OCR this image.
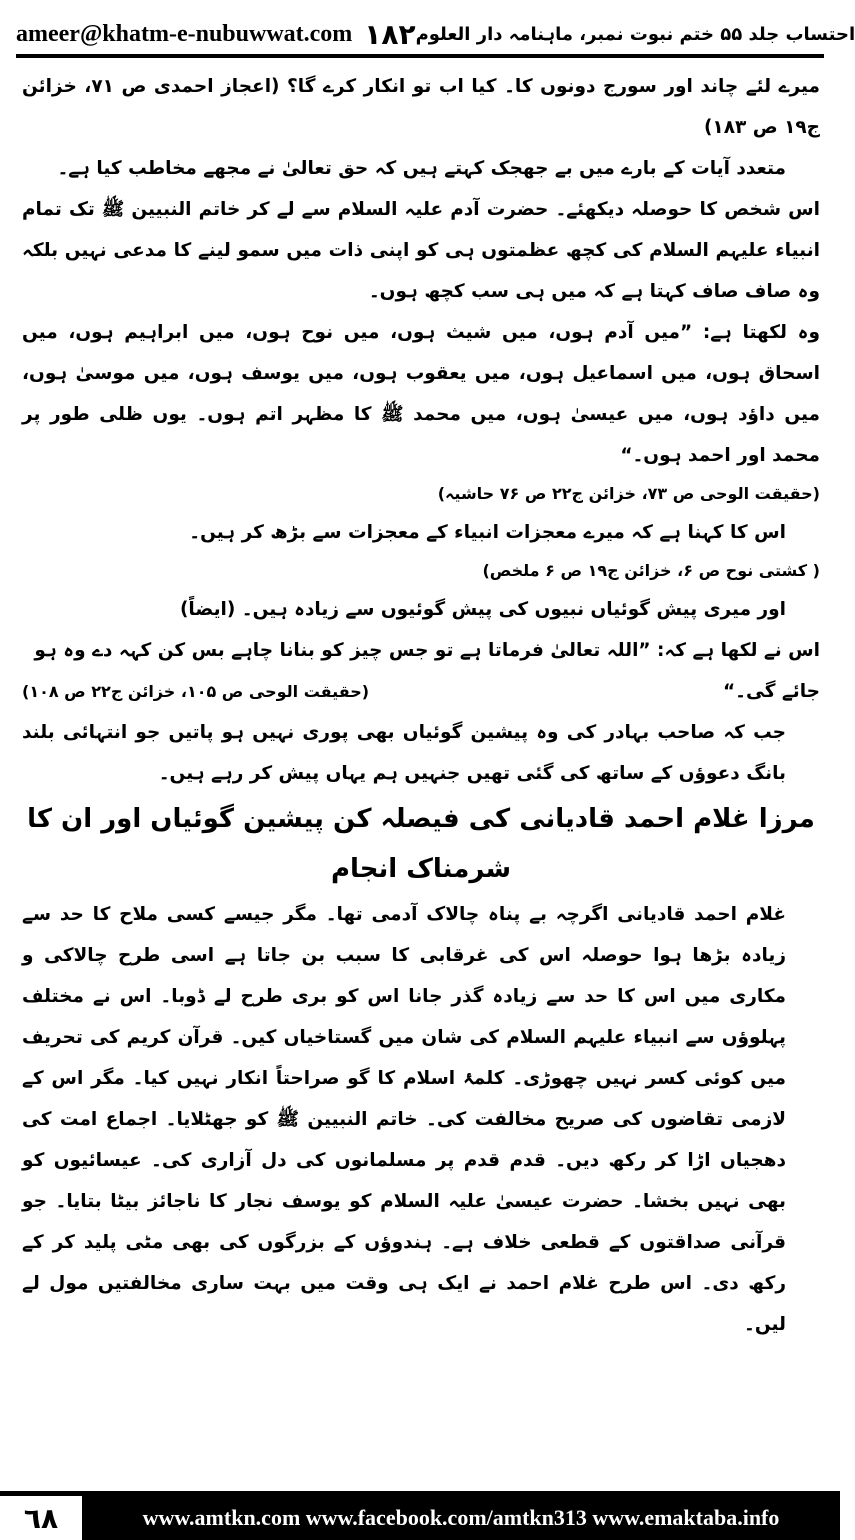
ameer@khatm-e-nubuwwat.com ۱۸۲ احتساب جلد ۵۵ ختم نبوت نمبر، ماہنامہ دار العلوم

میرے لئے چاند اور سورج دونوں کا۔ کیا اب تو انکار کرے گا؟ (اعجاز احمدی ص ۷۱، خزائن ج۱۹ ص ۱۸۳)

متعدد آیات کے بارے میں بے جھجک کہتے ہیں کہ حق تعالیٰ نے مجھے مخاطب کیا ہے۔

اس شخص کا حوصلہ دیکھئے۔ حضرت آدم علیہ السلام سے لے کر خاتم النبیین ﷺ تک تمام انبیاء علیہم السلام کی کچھ عظمتوں ہی کو اپنی ذات میں سمو لینے کا مدعی نہیں بلکہ وہ صاف صاف کہتا ہے کہ میں ہی سب کچھ ہوں۔

وہ لکھتا ہے: ”میں آدم ہوں، میں شیث ہوں، میں نوح ہوں، میں ابراہیم ہوں، میں اسحاق ہوں، میں اسماعیل ہوں، میں یعقوب ہوں، میں یوسف ہوں، میں موسیٰ ہوں، میں داؤد ہوں، میں عیسیٰ ہوں، میں محمد ﷺ کا مظہر اتم ہوں۔ یوں ظلی طور پر محمد اور احمد ہوں۔“

(حقیقت الوحی ص ۷۳، خزائن ج۲۲ ص ۷۶ حاشیہ)

اس کا کہنا ہے کہ میرے معجزات انبیاء کے معجزات سے بڑھ کر ہیں۔

( کشتی نوح ص ۶، خزائن ج۱۹ ص ۶ ملخص)

اور میری پیش گوئیاں نبیوں کی پیش گوئیوں سے زیادہ ہیں۔ (ایضاً)

اس نے لکھا ہے کہ: ”اللہ تعالیٰ فرماتا ہے تو جس چیز کو بنانا چاہے بس کن کہہ دے وہ ہو

جائے گی۔“
(حقیقت الوحی ص ۱۰۵، خزائن ج۲۲ ص ۱۰۸)

جب کہ صاحب بہادر کی وہ پیشین گوئیاں بھی پوری نہیں ہو پاتیں جو انتہائی بلند بانگ دعوؤں کے ساتھ کی گئی تھیں جنہیں ہم یہاں پیش کر رہے ہیں۔

مرزا غلام احمد قادیانی کی فیصلہ کن پیشین گوئیاں اور ان کا شرمناک انجام

غلام احمد قادیانی اگرچہ بے پناہ چالاک آدمی تھا۔ مگر جیسے کسی ملاح کا حد سے زیادہ بڑھا ہوا حوصلہ اس کی غرقابی کا سبب بن جاتا ہے اسی طرح چالاکی و مکاری میں اس کا حد سے زیادہ گذر جانا اس کو بری طرح لے ڈوبا۔ اس نے مختلف پہلوؤں سے انبیاء علیہم السلام کی شان میں گستاخیاں کیں۔ قرآن کریم کی تحریف میں کوئی کسر نہیں چھوڑی۔ کلمۂ اسلام کا گو صراحتاً انکار نہیں کیا۔ مگر اس کے لازمی تقاضوں کی صریح مخالفت کی۔ خاتم النبیین ﷺ کو جھٹلایا۔ اجماع امت کی دھجیاں اڑا کر رکھ دیں۔ قدم قدم پر مسلمانوں کی دل آزاری کی۔ عیسائیوں کو بھی نہیں بخشا۔ حضرت عیسیٰ علیہ السلام کو یوسف نجار کا ناجائز بیٹا بتایا۔ جو قرآنی صداقتوں کے قطعی خلاف ہے۔ ہندوؤں کے بزرگوں کی بھی مٹی پلید کر کے رکھ دی۔ اس طرح غلام احمد نے ایک ہی وقت میں بہت ساری مخالفتیں مول لے لیں۔

٦٨	www.amtkn.com www.facebook.com/amtkn313 www.emaktaba.info
